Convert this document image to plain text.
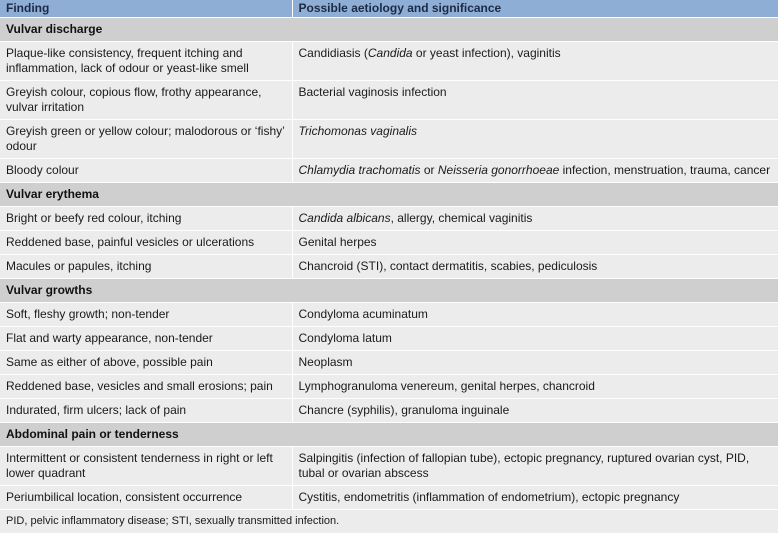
Finding	Possible aetiology and significance
Vulvar discharge	
Plaque-like consistency, frequent itching and inflammation, lack of odour or yeast-like smell	Candidiasis (Candida or yeast infection), vaginitis
Greyish colour, copious flow, frothy appearance, vulvar irritation	Bacterial vaginosis infection
Greyish green or yellow colour; malodorous or ‘fishy’ odour	Trichomonas vaginalis
Bloody colour	Chlamydia trachomatis or Neisseria gonorrhoeae infection, menstruation, trauma, cancer
Vulvar erythema	
Bright or beefy red colour, itching	Candida albicans, allergy, chemical vaginitis
Reddened base, painful vesicles or ulcerations	Genital herpes
Macules or papules, itching	Chancroid (STI), contact dermatitis, scabies, pediculosis
Vulvar growths	
Soft, fleshy growth; non-tender	Condyloma acuminatum
Flat and warty appearance, non-tender	Condyloma latum
Same as either of above, possible pain	Neoplasm
Reddened base, vesicles and small erosions; pain	Lymphogranuloma venereum, genital herpes, chancroid
Indurated, firm ulcers; lack of pain	Chancre (syphilis), granuloma inguinale
Abdominal pain or tenderness	
Intermittent or consistent tenderness in right or left lower quadrant	Salpingitis (infection of fallopian tube), ectopic pregnancy, ruptured ovarian cyst, PID, tubal or ovarian abscess
Periumbilical location, consistent occurrence	Cystitis, endometritis (inflammation of endometrium), ectopic pregnancy
PID, pelvic inflammatory disease; STI, sexually transmitted infection.	
